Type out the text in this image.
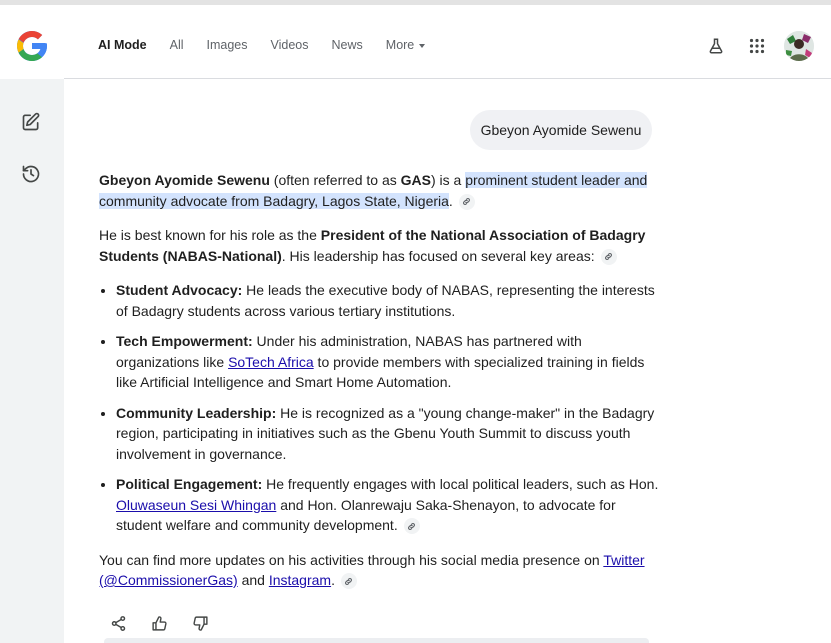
AI Mode All Images Videos News More
Gbeyon Ayomide Sewenu

Gbeyon Ayomide Sewenu (often referred to as GAS) is a prominent student leader and community advocate from Badagry, Lagos State, Nigeria.

He is best known for his role as the President of the National Association of Badagry Students (NABAS-National). His leadership has focused on several key areas:

• Student Advocacy: He leads the executive body of NABAS, representing the interests of Badagry students across various tertiary institutions.
• Tech Empowerment: Under his administration, NABAS has partnered with organizations like SoTech Africa to provide members with specialized training in fields like Artificial Intelligence and Smart Home Automation.
• Community Leadership: He is recognized as a "young change-maker" in the Badagry region, participating in initiatives such as the Gbenu Youth Summit to discuss youth involvement in governance.
• Political Engagement: He frequently engages with local political leaders, such as Hon. Oluwaseun Sesi Whingan and Hon. Olanrewaju Saka-Shenayon, to advocate for student welfare and community development.

You can find more updates on his activities through his social media presence on Twitter (@CommissionerGas) and Instagram.
